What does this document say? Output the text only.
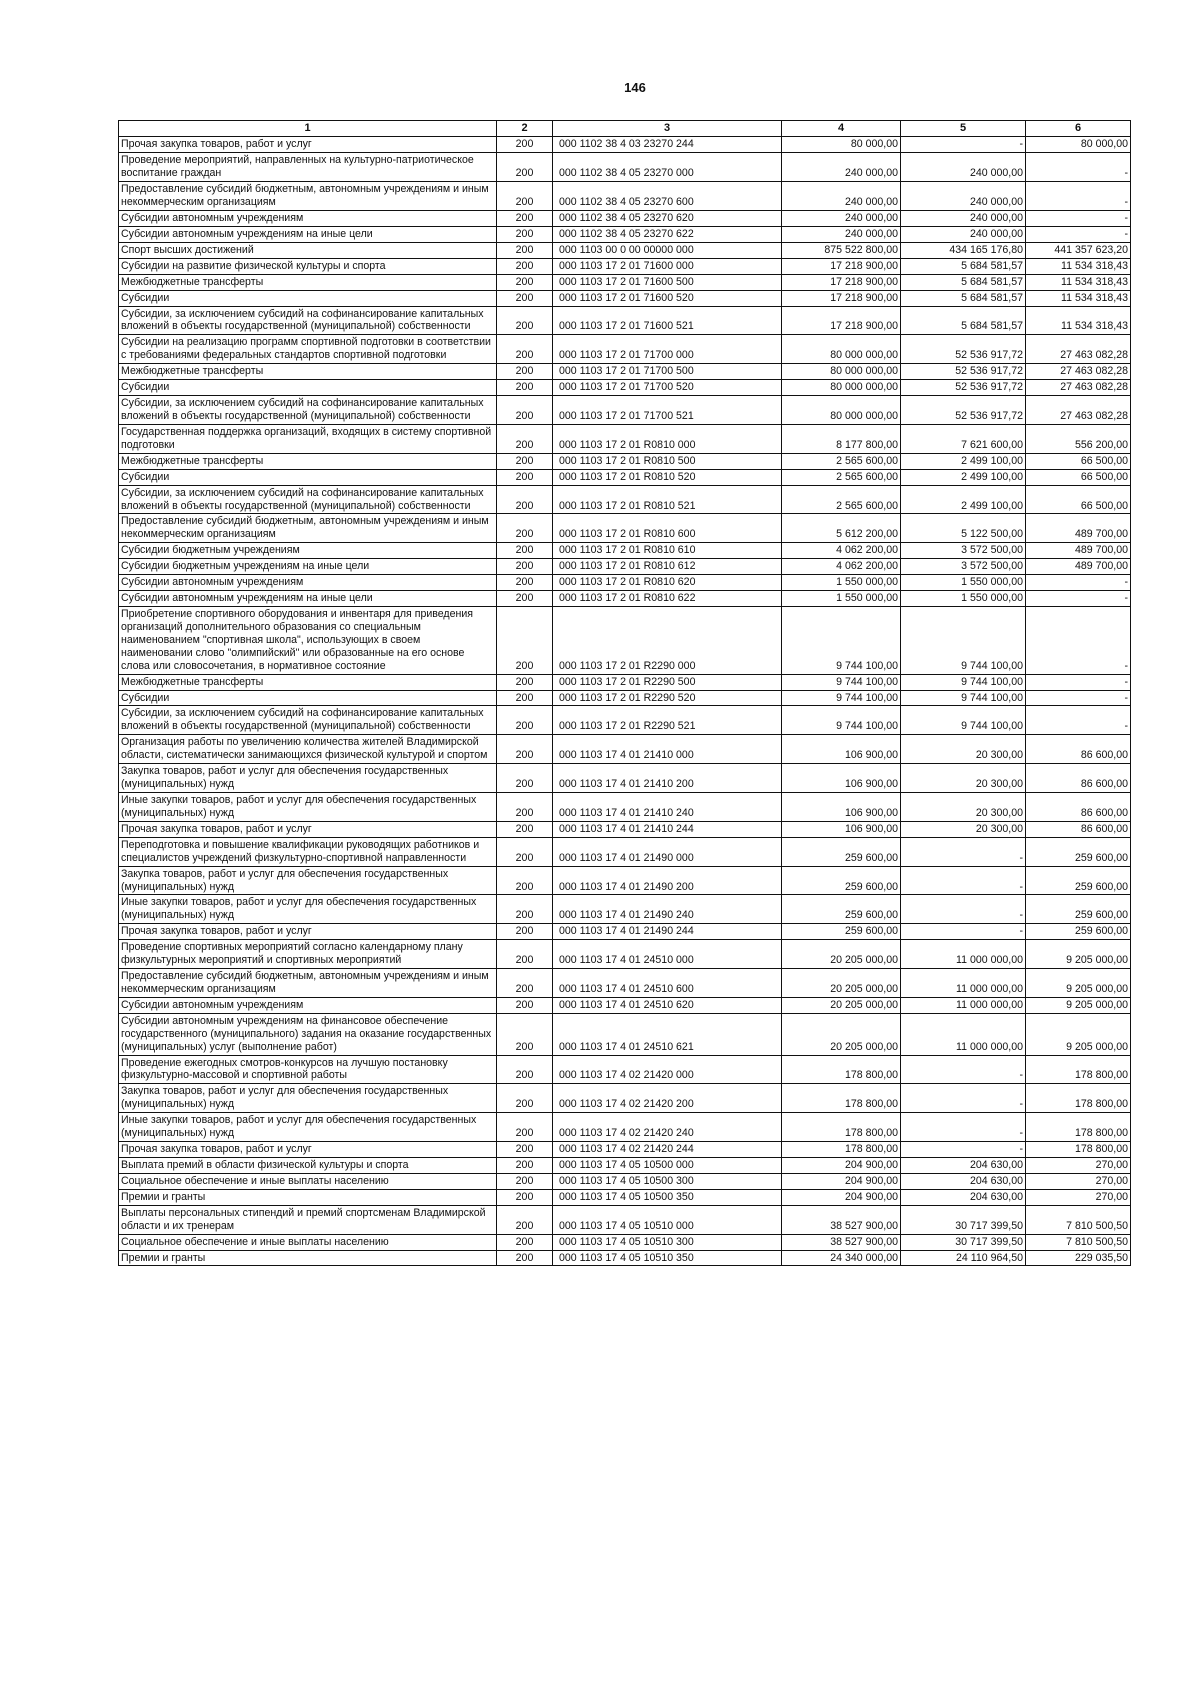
146
1	2	3	4	5	6
Прочая закупка товаров, работ и услуг	200	000 1102 38 4 03 23270 244	80 000,00	-	80 000,00
Проведение мероприятий, направленных на культурно-патриотическое воспитание граждан	200	000 1102 38 4 05 23270 000	240 000,00	240 000,00	-
Предоставление субсидий бюджетным, автономным учреждениям и иным некоммерческим организациям	200	000 1102 38 4 05 23270 600	240 000,00	240 000,00	-
Субсидии автономным учреждениям	200	000 1102 38 4 05 23270 620	240 000,00	240 000,00	-
Субсидии автономным учреждениям на иные цели	200	000 1102 38 4 05 23270 622	240 000,00	240 000,00	-
Спорт высших достижений	200	000 1103 00 0 00 00000 000	875 522 800,00	434 165 176,80	441 357 623,20
Субсидии на развитие физической культуры и спорта	200	000 1103 17 2 01 71600 000	17 218 900,00	5 684 581,57	11 534 318,43
Межбюджетные трансферты	200	000 1103 17 2 01 71600 500	17 218 900,00	5 684 581,57	11 534 318,43
Субсидии	200	000 1103 17 2 01 71600 520	17 218 900,00	5 684 581,57	11 534 318,43
Субсидии, за исключением субсидий на софинансирование капитальных вложений в объекты государственной (муниципальной) собственности	200	000 1103 17 2 01 71600 521	17 218 900,00	5 684 581,57	11 534 318,43
Субсидии на реализацию программ спортивной подготовки в соответствии с требованиями федеральных стандартов спортивной подготовки	200	000 1103 17 2 01 71700 000	80 000 000,00	52 536 917,72	27 463 082,28
Межбюджетные трансферты	200	000 1103 17 2 01 71700 500	80 000 000,00	52 536 917,72	27 463 082,28
Субсидии	200	000 1103 17 2 01 71700 520	80 000 000,00	52 536 917,72	27 463 082,28
Субсидии, за исключением субсидий на софинансирование капитальных вложений в объекты государственной (муниципальной) собственности	200	000 1103 17 2 01 71700 521	80 000 000,00	52 536 917,72	27 463 082,28
Государственная поддержка организаций, входящих в систему спортивной подготовки	200	000 1103 17 2 01 R0810 000	8 177 800,00	7 621 600,00	556 200,00
Межбюджетные трансферты	200	000 1103 17 2 01 R0810 500	2 565 600,00	2 499 100,00	66 500,00
Субсидии	200	000 1103 17 2 01 R0810 520	2 565 600,00	2 499 100,00	66 500,00
Субсидии, за исключением субсидий на софинансирование капитальных вложений в объекты государственной (муниципальной) собственности	200	000 1103 17 2 01 R0810 521	2 565 600,00	2 499 100,00	66 500,00
Предоставление субсидий бюджетным, автономным учреждениям и иным некоммерческим организациям	200	000 1103 17 2 01 R0810 600	5 612 200,00	5 122 500,00	489 700,00
Субсидии бюджетным учреждениям	200	000 1103 17 2 01 R0810 610	4 062 200,00	3 572 500,00	489 700,00
Субсидии бюджетным учреждениям на иные цели	200	000 1103 17 2 01 R0810 612	4 062 200,00	3 572 500,00	489 700,00
Субсидии автономным учреждениям	200	000 1103 17 2 01 R0810 620	1 550 000,00	1 550 000,00	-
Субсидии автономным учреждениям на иные цели	200	000 1103 17 2 01 R0810 622	1 550 000,00	1 550 000,00	-
Приобретение спортивного оборудования и инвентаря для приведения организаций дополнительного образования со специальным наименованием "спортивная школа", использующих в своем наименовании слово "олимпийский" или образованные на его основе слова или словосочетания, в нормативное состояние	200	000 1103 17 2 01 R2290 000	9 744 100,00	9 744 100,00	-
Межбюджетные трансферты	200	000 1103 17 2 01 R2290 500	9 744 100,00	9 744 100,00	-
Субсидии	200	000 1103 17 2 01 R2290 520	9 744 100,00	9 744 100,00	-
Субсидии, за исключением субсидий на софинансирование капитальных вложений в объекты государственной (муниципальной) собственности	200	000 1103 17 2 01 R2290 521	9 744 100,00	9 744 100,00	-
Организация работы по увеличению количества жителей Владимирской области, систематически занимающихся физической культурой и спортом	200	000 1103 17 4 01 21410 000	106 900,00	20 300,00	86 600,00
Закупка товаров, работ и услуг для обеспечения государственных (муниципальных) нужд	200	000 1103 17 4 01 21410 200	106 900,00	20 300,00	86 600,00
Иные закупки товаров, работ и услуг для обеспечения государственных (муниципальных) нужд	200	000 1103 17 4 01 21410 240	106 900,00	20 300,00	86 600,00
Прочая закупка товаров, работ и услуг	200	000 1103 17 4 01 21410 244	106 900,00	20 300,00	86 600,00
Переподготовка и повышение квалификации руководящих работников и специалистов учреждений физкультурно-спортивной направленности	200	000 1103 17 4 01 21490 000	259 600,00	-	259 600,00
Закупка товаров, работ и услуг для обеспечения государственных (муниципальных) нужд	200	000 1103 17 4 01 21490 200	259 600,00	-	259 600,00
Иные закупки товаров, работ и услуг для обеспечения государственных (муниципальных) нужд	200	000 1103 17 4 01 21490 240	259 600,00	-	259 600,00
Прочая закупка товаров, работ и услуг	200	000 1103 17 4 01 21490 244	259 600,00	-	259 600,00
Проведение спортивных мероприятий согласно календарному плану физкультурных мероприятий и спортивных мероприятий	200	000 1103 17 4 01 24510 000	20 205 000,00	11 000 000,00	9 205 000,00
Предоставление субсидий бюджетным, автономным учреждениям и иным некоммерческим организациям	200	000 1103 17 4 01 24510 600	20 205 000,00	11 000 000,00	9 205 000,00
Субсидии автономным учреждениям	200	000 1103 17 4 01 24510 620	20 205 000,00	11 000 000,00	9 205 000,00
Субсидии автономным учреждениям на финансовое обеспечение государственного (муниципального) задания на оказание государственных (муниципальных) услуг (выполнение работ)	200	000 1103 17 4 01 24510 621	20 205 000,00	11 000 000,00	9 205 000,00
Проведение ежегодных смотров-конкурсов на лучшую постановку физкультурно-массовой и спортивной работы	200	000 1103 17 4 02 21420 000	178 800,00	-	178 800,00
Закупка товаров, работ и услуг для обеспечения государственных (муниципальных) нужд	200	000 1103 17 4 02 21420 200	178 800,00	-	178 800,00
Иные закупки товаров, работ и услуг для обеспечения государственных (муниципальных) нужд	200	000 1103 17 4 02 21420 240	178 800,00	-	178 800,00
Прочая закупка товаров, работ и услуг	200	000 1103 17 4 02 21420 244	178 800,00	-	178 800,00
Выплата премий в области физической культуры и спорта	200	000 1103 17 4 05 10500 000	204 900,00	204 630,00	270,00
Социальное обеспечение и иные выплаты населению	200	000 1103 17 4 05 10500 300	204 900,00	204 630,00	270,00
Премии и гранты	200	000 1103 17 4 05 10500 350	204 900,00	204 630,00	270,00
Выплаты персональных стипендий и премий спортсменам Владимирской области и их тренерам	200	000 1103 17 4 05 10510 000	38 527 900,00	30 717 399,50	7 810 500,50
Социальное обеспечение и иные выплаты населению	200	000 1103 17 4 05 10510 300	38 527 900,00	30 717 399,50	7 810 500,50
Премии и гранты	200	000 1103 17 4 05 10510 350	24 340 000,00	24 110 964,50	229 035,50
